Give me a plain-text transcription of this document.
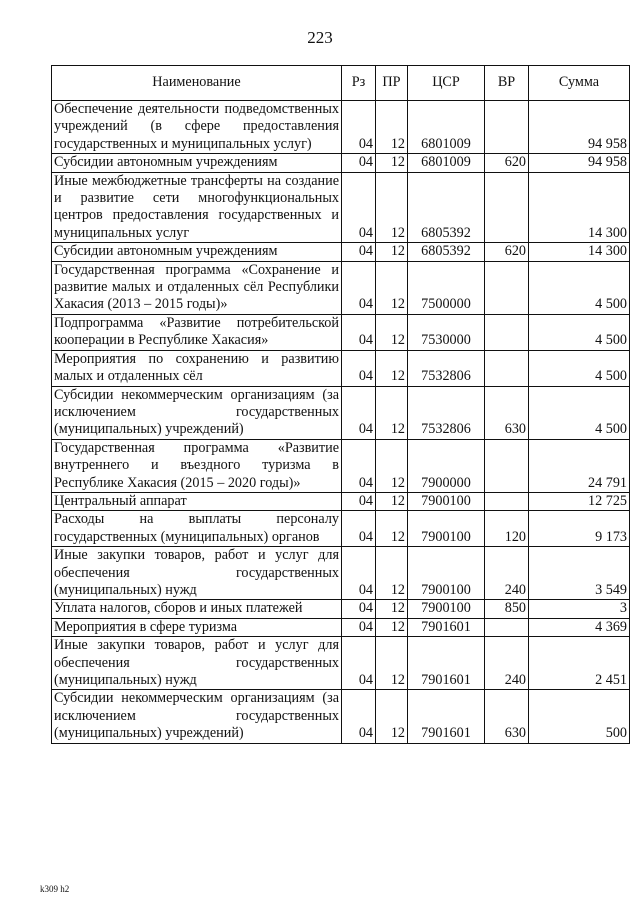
223
Наименование	Рз	ПР	ЦСР	ВР	Сумма
Обеспечение деятельности подведомственных учреждений (в сфере предоставления государственных и муниципальных услуг)	04	12	6801009		94 958
Субсидии автономным учреждениям	04	12	6801009	620	94 958
Иные межбюджетные трансферты на создание и развитие сети многофункциональных центров предоставления государственных и муниципальных услуг	04	12	6805392		14 300
Субсидии автономным учреждениям	04	12	6805392	620	14 300
Государственная программа «Сохранение и развитие малых и отдаленных сёл Республики Хакасия (2013 – 2015 годы)»	04	12	7500000		4 500
Подпрограмма «Развитие потребительской кооперации в Республике Хакасия»	04	12	7530000		4 500
Мероприятия по сохранению и развитию малых и отдаленных сёл	04	12	7532806		4 500
Субсидии некоммерческим организациям (за исключением государственных (муниципальных) учреждений)	04	12	7532806	630	4 500
Государственная программа «Развитие внутреннего и въездного туризма в Республике Хакасия (2015 – 2020 годы)»	04	12	7900000		24 791
Центральный аппарат	04	12	7900100		12 725
Расходы на выплаты персоналу государственных (муниципальных) органов	04	12	7900100	120	9 173
Иные закупки товаров, работ и услуг для обеспечения государственных (муниципальных) нужд	04	12	7900100	240	3 549
Уплата налогов, сборов и иных платежей	04	12	7900100	850	3
Мероприятия в сфере туризма	04	12	7901601		4 369
Иные закупки товаров, работ и услуг для обеспечения государственных (муниципальных) нужд	04	12	7901601	240	2 451
Субсидии некоммерческим организациям (за исключением государственных (муниципальных) учреждений)	04	12	7901601	630	500
k309 h2
